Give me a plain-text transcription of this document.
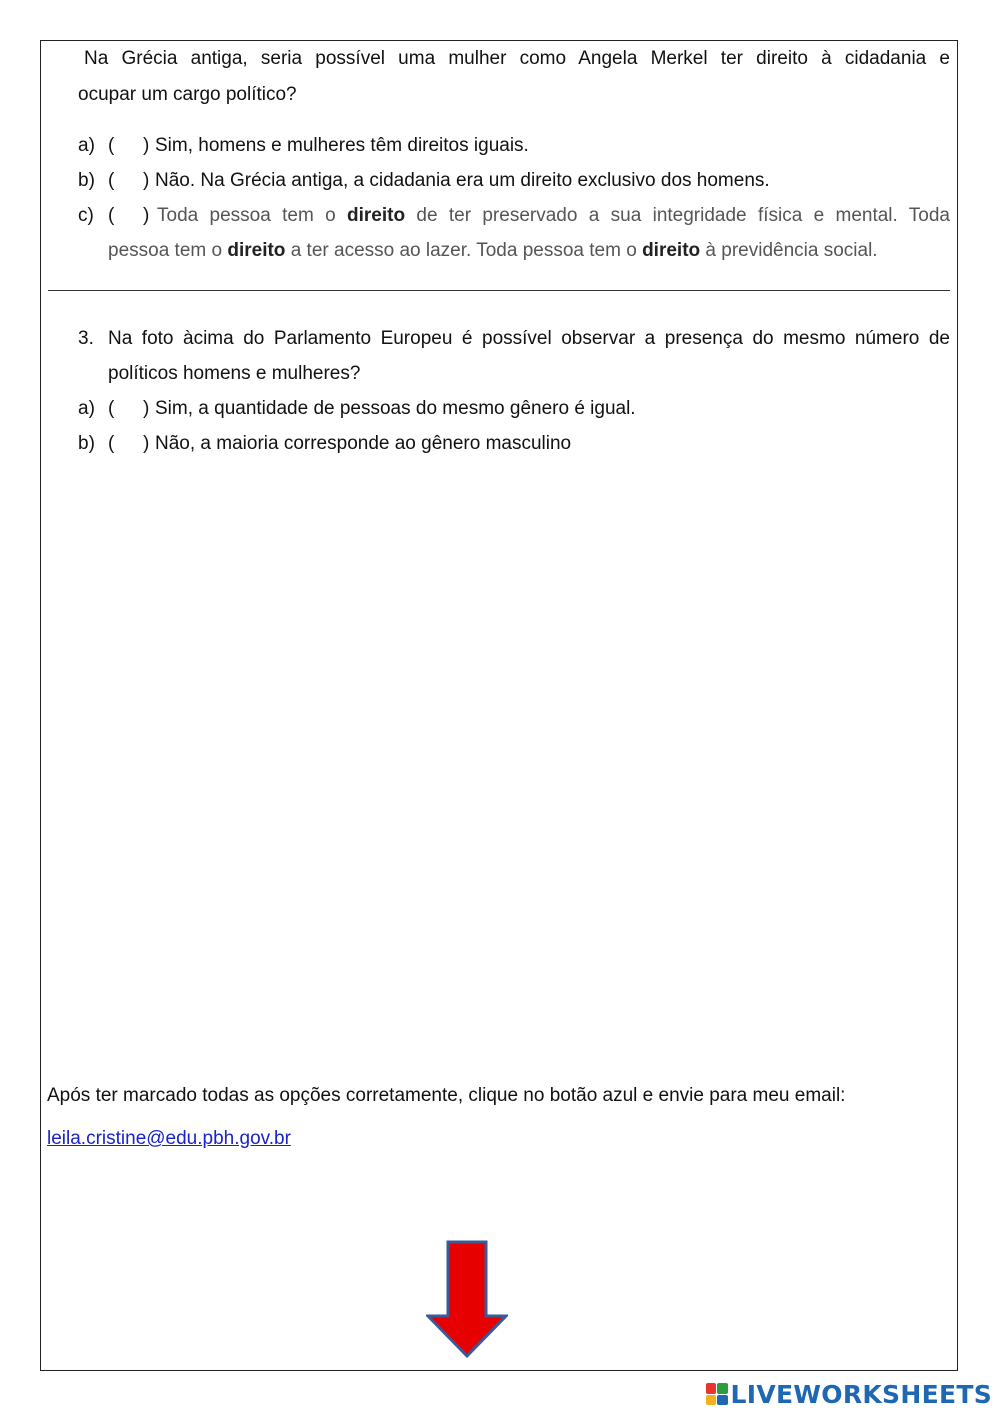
Na Grécia antiga, seria possível uma mulher como Angela Merkel ter direito à cidadania e
ocupar um cargo político?
a) ( ) Sim, homens e mulheres têm direitos iguais.
b) ( ) Não. Na Grécia antiga, a cidadania era um direito exclusivo dos homens.
c) ( ) Toda pessoa tem o direito de ter preservado a sua integridade física e mental. Toda
pessoa tem o direito a ter acesso ao lazer. Toda pessoa tem o direito à previdência social.
3. Na foto àcima do Parlamento Europeu é possível observar a presença do mesmo número de
políticos homens e mulheres?
a) ( ) Sim, a quantidade de pessoas do mesmo gênero é igual.
b) ( ) Não, a maioria corresponde ao gênero masculino
Após ter marcado todas as opções corretamente, clique no botão azul e envie para meu email:
leila.cristine@edu.pbh.gov.br
LIVEWORKSHEETS
